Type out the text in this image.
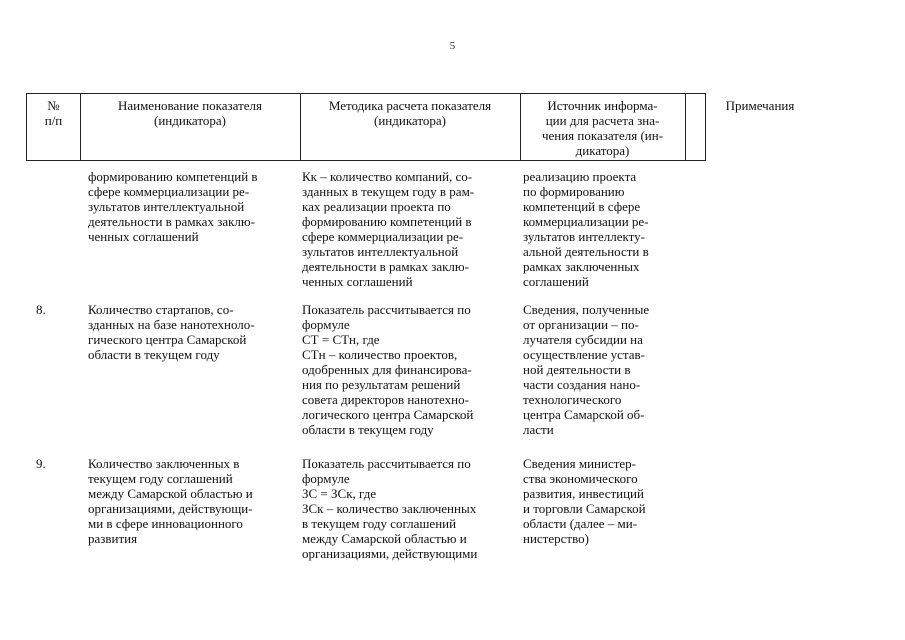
5
№
п/п
Наименование показателя
(индикатора)
Методика расчета показателя
(индикатора)
Источник информа-
ции для расчета зна-
чения показателя (ин-
дикатора)
Примечания

формированию компетенций в
сфере коммерциализации ре-
зультатов интеллектуальной
деятельности в рамках заклю-
ченных соглашений

Кк – количество компаний, со-
зданных в текущем году в рам-
ках реализации проекта по
формированию компетенций в
сфере коммерциализации ре-
зультатов интеллектуальной
деятельности в рамках заклю-
ченных соглашений

реализацию проекта
по формированию
компетенций в сфере
коммерциализации ре-
зультатов интеллекту-
альной деятельности в
рамках заключенных
соглашений

8.	Количество стартапов, со-
зданных на базе нанотехноло-
гического центра Самарской
области в текущем году

Показатель рассчитывается по
формуле
СТ = СТн, где
СТн – количество проектов,
одобренных для финансирова-
ния по результатам решений
совета директоров нанотехно-
логического центра Самарской
области в текущем году

Сведения, полученные
от организации – по-
лучателя субсидии на
осуществление устав-
ной деятельности в
части создания нано-
технологического
центра Самарской об-
ласти

9.	Количество заключенных в
текущем году соглашений
между Самарской областью и
организациями, действующи-
ми в сфере инновационного
развития

Показатель рассчитывается по
формуле
ЗС = ЗСк, где
ЗСк – количество заключенных
в текущем году соглашений
между Самарской областью и
организациями, действующими

Сведения министер-
ства экономического
развития, инвестиций
и торговли Самарской
области (далее – ми-
нистерство)
